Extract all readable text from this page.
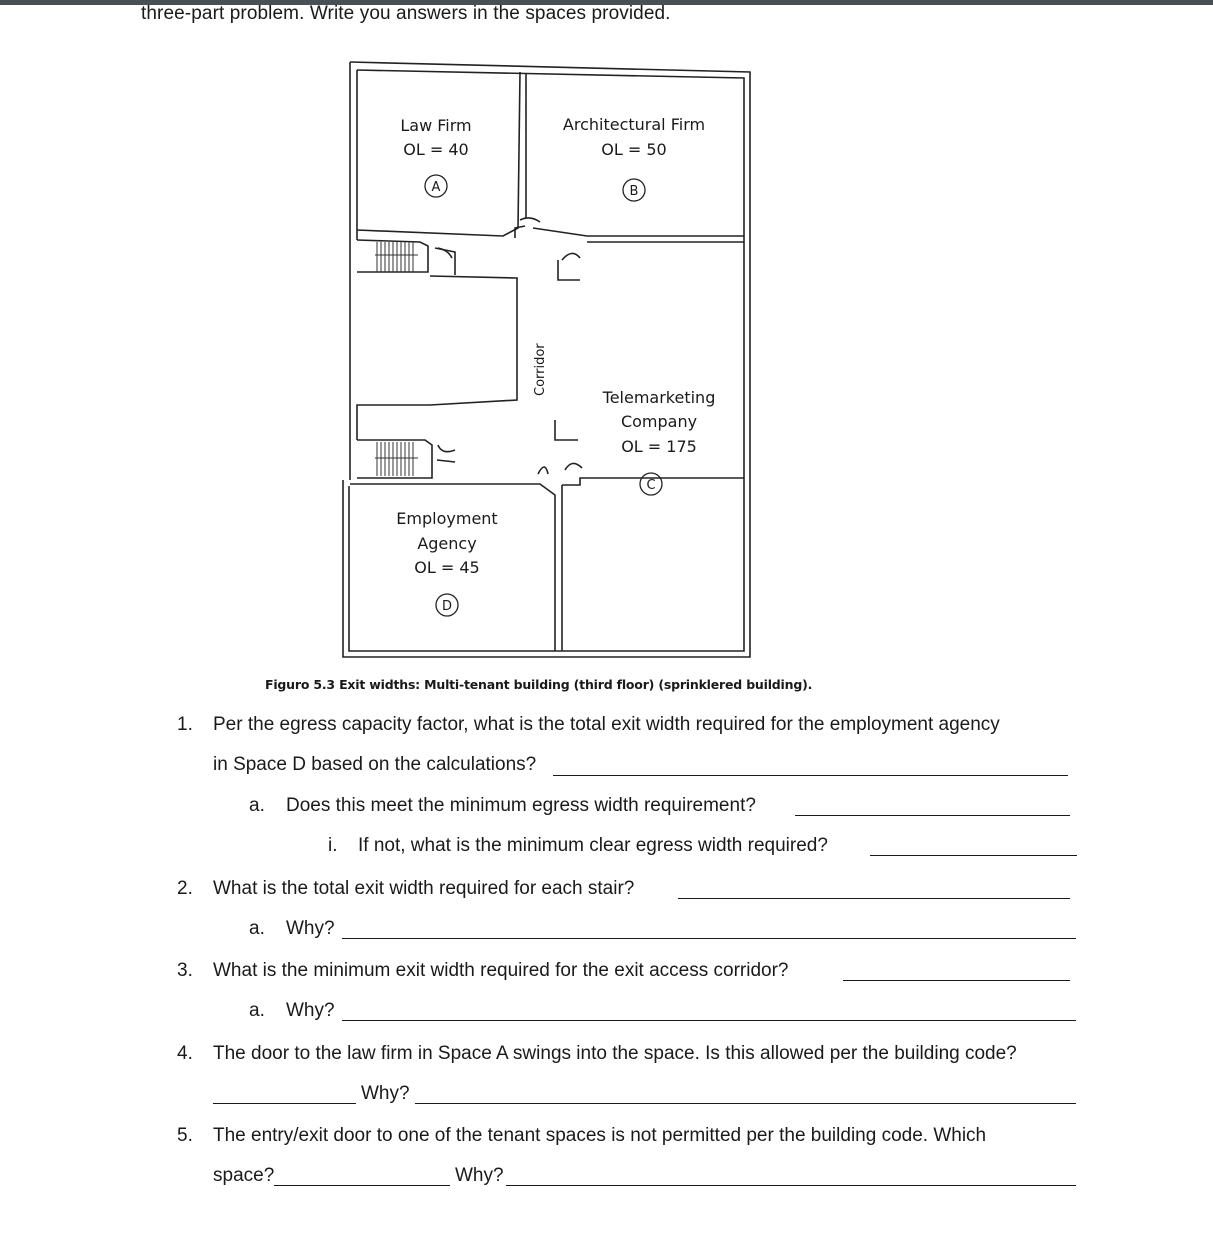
three-part problem. Write you answers in the spaces provided.
Law Firm
OL = 40
A
Architectural Firm
OL = 50
B
Telemarketing
Company
OL = 175
C
Employment
Agency
OL = 45
D
Corridor
Figuro 5.3 Exit widths: Multi-tenant building (third floor) (sprinklered building).
1. Per the egress capacity factor, what is the total exit width required for the employment agency
in Space D based on the calculations?
a. Does this meet the minimum egress width requirement?
i. If not, what is the minimum clear egress width required?
2. What is the total exit width required for each stair?
a. Why?
3. What is the minimum exit width required for the exit access corridor?
a. Why?
4. The door to the law firm in Space A swings into the space. Is this allowed per the building code?
Why?
5. The entry/exit door to one of the tenant spaces is not permitted per the building code. Which
space?	Why?
